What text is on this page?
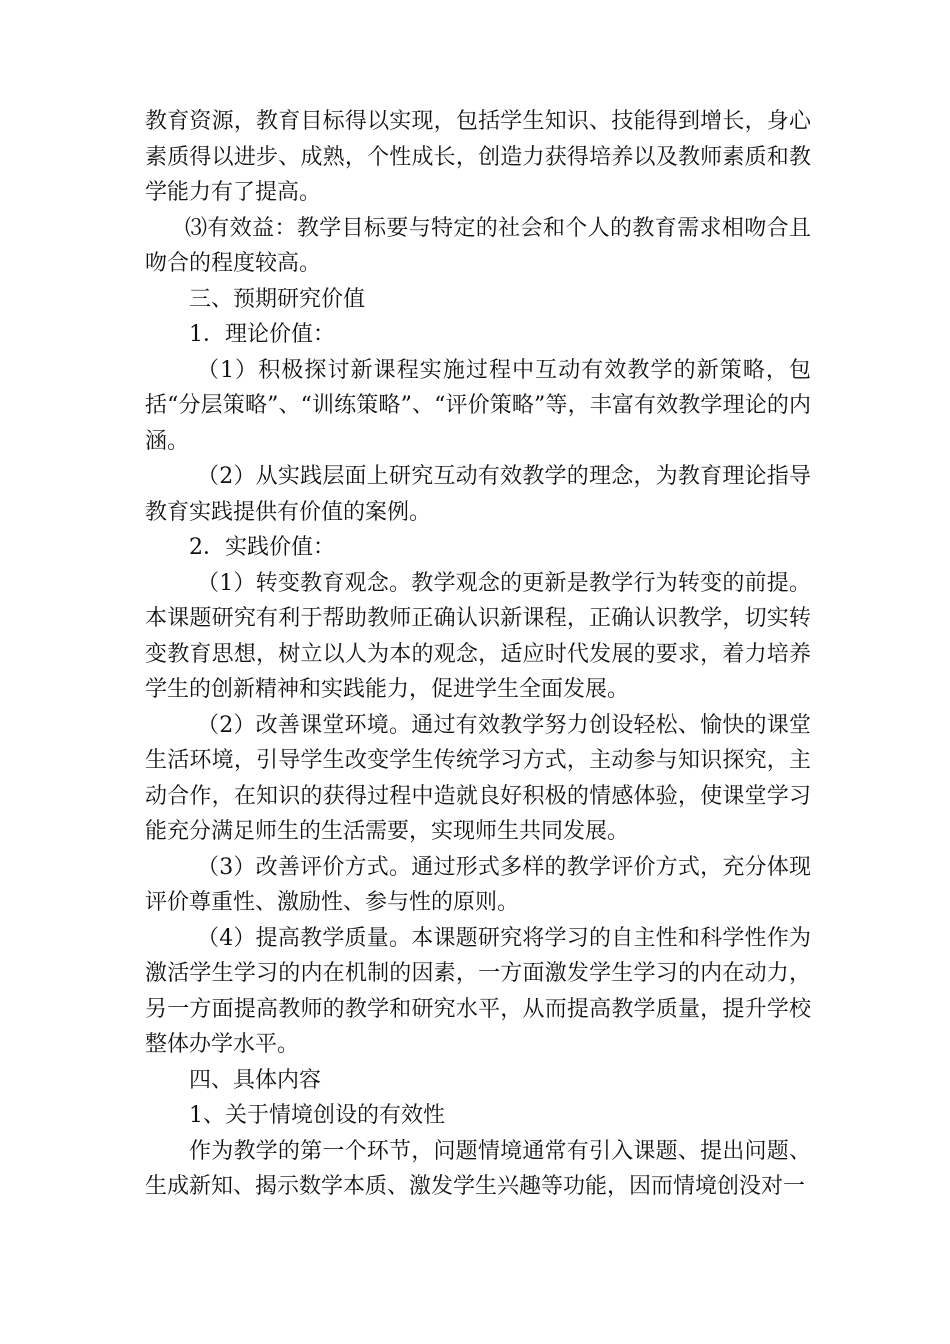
教育资源，教育目标得以实现，包括学生知识、技能得到增长，身心素质得以进步、成熟，个性成长，创造力获得培养以及教师素质和教学能力有了提高。

⑶有效益：教学目标要与特定的社会和个人的教育需求相吻合且吻合的程度较高。

三、预期研究价值

1．理论价值：

（1）积极探讨新课程实施过程中互动有效教学的新策略，包括“分层策略”、“训练策略”、“评价策略”等，丰富有效教学理论的内涵。

（2）从实践层面上研究互动有效教学的理念，为教育理论指导教育实践提供有价值的案例。

2．实践价值：

（1）转变教育观念。教学观念的更新是教学行为转变的前提。本课题研究有利于帮助教师正确认识新课程，正确认识教学，切实转变教育思想，树立以人为本的观念，适应时代发展的要求，着力培养学生的创新精神和实践能力，促进学生全面发展。

（2）改善课堂环境。通过有效教学努力创设轻松、愉快的课堂生活环境，引导学生改变学生传统学习方式，主动参与知识探究，主动合作，在知识的获得过程中造就良好积极的情感体验，使课堂学习能充分满足师生的生活需要，实现师生共同发展。

（3）改善评价方式。通过形式多样的教学评价方式，充分体现评价尊重性、激励性、参与性的原则。

（4）提高教学质量。本课题研究将学习的自主性和科学性作为激活学生学习的内在机制的因素，一方面激发学生学习的内在动力，另一方面提高教师的教学和研究水平，从而提高教学质量，提升学校整体办学水平。

四、具体内容

1、关于情境创设的有效性

作为教学的第一个环节，问题情境通常有引入课题、提出问题、生成新知、揭示数学本质、激发学生兴趣等功能，因而情境创没对一
